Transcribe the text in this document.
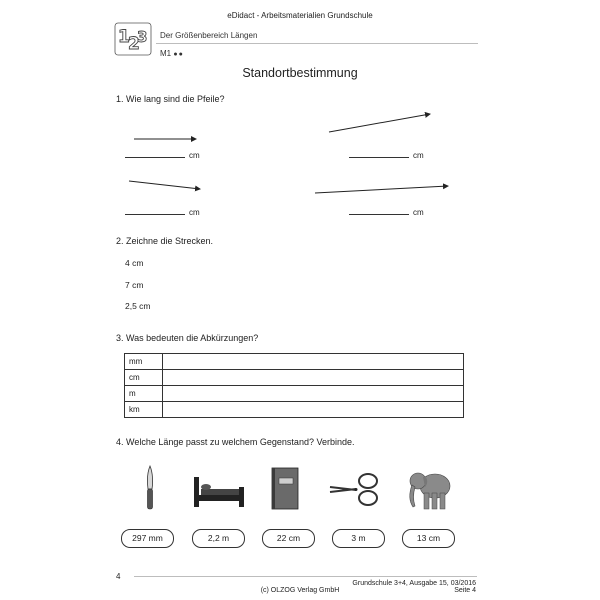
eDidact - Arbeitsmaterialien Grundschule
1
2
3 Der Größenbereich Längen
M1 ●●
Standortbestimmung
1. Wie lang sind die Pfeile?
cm	cm
cm	cm
2. Zeichne die Strecken.
4 cm
7 cm
2,5 cm
3. Was bedeuten die Abkürzungen?
mm	
cm	
m	
km	
4. Welche Länge passt zu welchem Gegenstand? Verbinde.
297 mm	2,2 m	22 cm	3 m	13 cm
4
Grundschule 3+4, Ausgabe 15, 03/2016
(c) OLZOG Verlag GmbH	Seite 4
